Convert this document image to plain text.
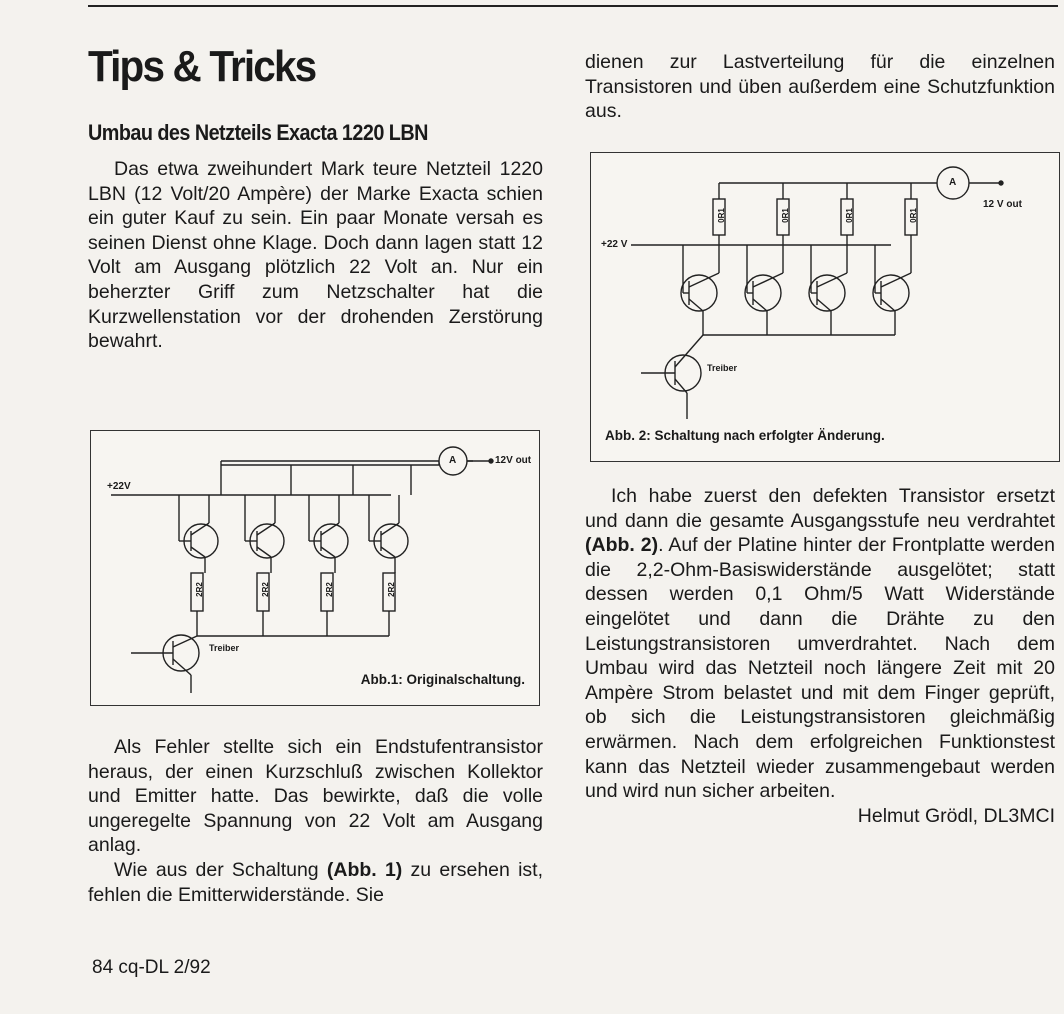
Tips & Tricks
Umbau des Netzteils Exacta 1220 LBN

Das etwa zweihundert Mark teure Netzteil 1220 LBN (12 Volt/20 Ampère) der Marke Exacta schien ein guter Kauf zu sein. Ein paar Monate versah es seinen Dienst ohne Klage. Doch dann lagen statt 12 Volt am Ausgang plötzlich 22 Volt an. Nur ein beherzter Griff zum Netzschalter hat die Kurzwellenstation vor der drohenden Zerstörung bewahrt.

+22V
A	12V out
2R2	2R2	2R2	2R2
Treiber
Abb.1: Originalschaltung.

Als Fehler stellte sich ein Endstufentransistor heraus, der einen Kurzschluß zwischen Kollektor und Emitter hatte. Das bewirkte, daß die volle ungeregelte Spannung von 22 Volt am Ausgang anlag.

Wie aus der Schaltung (Abb. 1) zu ersehen ist, fehlen die Emitterwiderstände. Sie

dienen zur Lastverteilung für die einzelnen Transistoren und üben außerdem eine Schutzfunktion aus.

+22 V
A
12 V out
0R1	0R1	0R1	0R1
Treiber
Abb. 2: Schaltung nach erfolgter Änderung.

Ich habe zuerst den defekten Transistor ersetzt und dann die gesamte Ausgangsstufe neu verdrahtet (Abb. 2). Auf der Platine hinter der Frontplatte werden die 2,2-Ohm-Basiswiderstände ausgelötet; statt dessen werden 0,1 Ohm/5 Watt Widerstände eingelötet und dann die Drähte zu den Leistungstransistoren umverdrahtet. Nach dem Umbau wird das Netzteil noch längere Zeit mit 20 Ampère Strom belastet und mit dem Finger geprüft, ob sich die Leistungstransistoren gleichmäßig erwärmen. Nach dem erfolgreichen Funktionstest kann das Netzteil wieder zusammengebaut werden und wird nun sicher arbeiten.
Helmut Grödl, DL3MCI

84 cq-DL 2/92
